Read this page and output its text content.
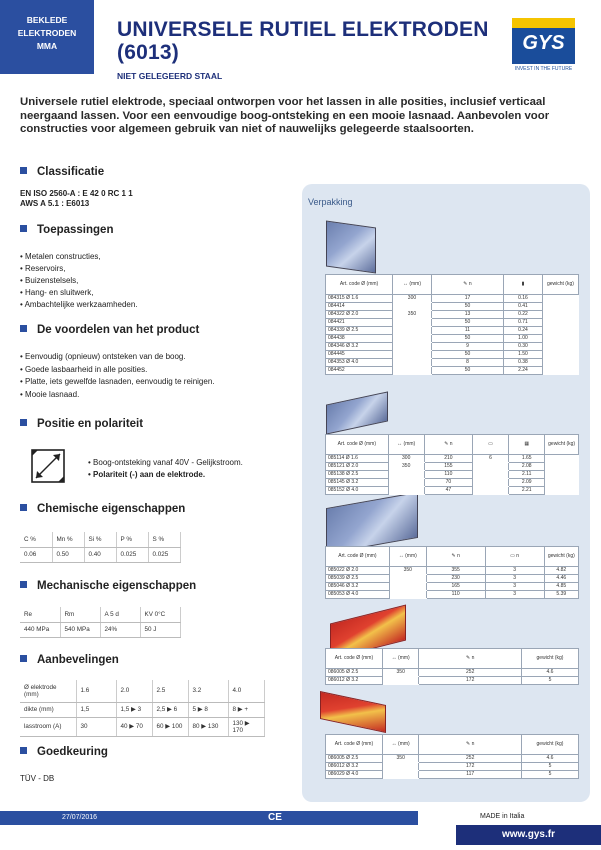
BEKLEDE
ELEKTRODEN
MMA
UNIVERSELE RUTIEL ELEKTRODEN
(6013)
NIET GELEGEERD STAAL
GYS
INVEST IN THE FUTURE
Universele rutiel elektrode, speciaal ontworpen voor het lassen in alle posities, inclusief verticaal neergaand lassen. Voor een eenvoudige boog-ontsteking en een mooie lasnaad. Aanbevolen voor constructies voor algemeen gebruik van niet of nauwelijks gelegeerde staalsoorten.
Classificatie
EN ISO 2560-A : E 42 0 RC 1 1
AWS A 5.1 : E6013
Toepassingen
• Metalen constructies,
• Reservoirs,
• Buizenstelsels,
• Hang- en sluitwerk,
• Ambachtelijke werkzaamheden.
De voordelen van het product
• Eenvoudig (opnieuw) ontsteken van de boog.
• Goede lasbaarheid in alle posities.
• Platte, iets gewelfde lasnaden, eenvoudig te reinigen.
• Mooie lasnaad.
Positie en polariteit
• Boog-ontsteking vanaf 40V - Gelijkstroom.
• Polariteit (-) aan de elektrode.
Chemische eigenschappen
C %	Mn %	Si %	P %	S %
0.06	0.50	0.40	0.025	0.025
Mechanische eigenschappen
Re	Rm	A 5 d	KV 0°C
440 MPa	540 MPa	24%	50 J
Aanbevelingen
Ø elektrode (mm)	1.6	2.0	2.5	3.2	4.0
dikte (mm)	1,5	1,5 ▶ 3	2,5 ▶ 6	5 ▶ 8	8 ▶ +
lasstroom (A)	30	40 ▶ 70	60 ▶ 100	80 ▶ 130	130 ▶ 170
Goedkeuring
TÜV - DB
Verpakking
Art. code Ø (mm)	↔ (mm)	✎ n	▮	gewicht (kg)
084315 Ø 1.6	300	17	0.16	
084414		50	0.41	
084322 Ø 2.0	350	13	0.22	
084421		50	0.71	
084339 Ø 2.5		11	0.24	
084438		50	1.00	
084346 Ø 3.2		9	0.30	
084445		50	1.50	
084353 Ø 4.0		8	0.38	
084452		50	2.24	
Art. code Ø (mm)	↔ (mm)	✎ n	▭	▦	gewicht (kg)
085114 Ø 1.6	300	210	6	1.65	
085121 Ø 2.0	350	155		2.08	
085138 Ø 2.5		110		2.11	
085145 Ø 3.2		70		2.09	
085152 Ø 4.0		47		2.21	
Art. code Ø (mm)	↔ (mm)	✎ n	▭ n	gewicht (kg)
085022 Ø 2.0	350	355	3	4.82
085039 Ø 2.5		230	3	4.46
085046 Ø 3.2		165	3	4.85
085053 Ø 4.0		110	3	5.39
Art. code Ø (mm)	↔ (mm)	✎ n	gewicht (kg)
086005 Ø 2.5	350	252	4.6
086012 Ø 3.2		172	5
Art. code Ø (mm)	↔ (mm)	✎ n	gewicht (kg)
086005 Ø 2.5	350	252	4.6
086012 Ø 3.2		172	5
086029 Ø 4.0		117	5
27/07/2016	CE	MADE in Italia
www.gys.fr
